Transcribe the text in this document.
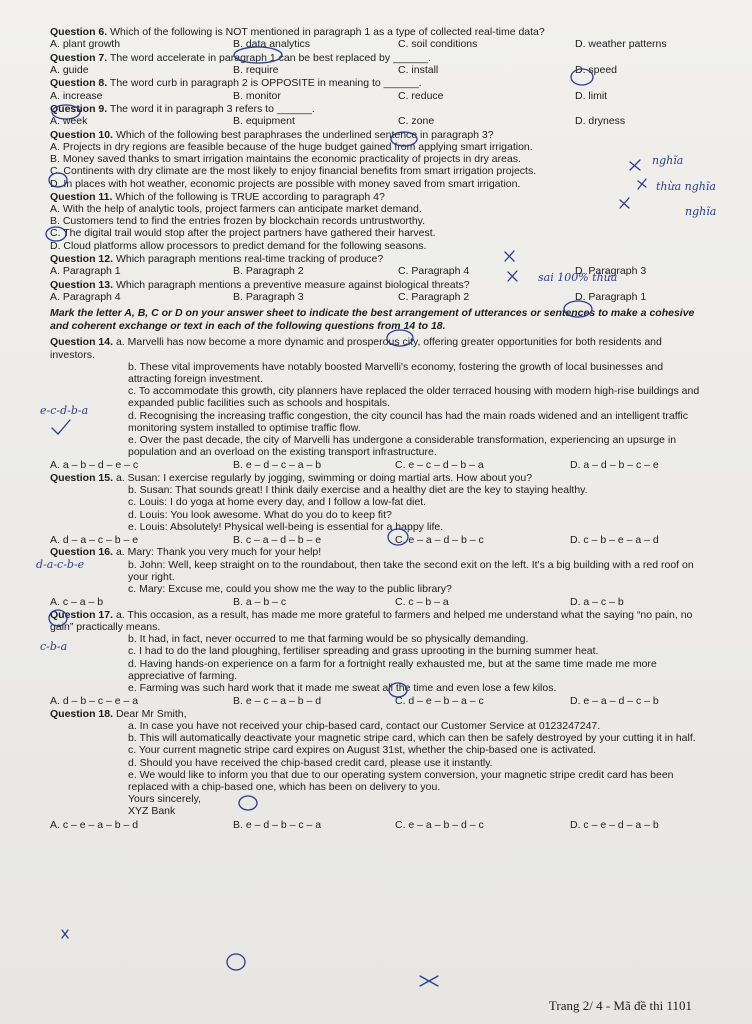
Question 6. Which of the following is NOT mentioned in paragraph 1 as a type of collected real-time data?
A. plant growth	B. data analytics	C. soil conditions	D. weather patterns
Question 7. The word accelerate in paragraph 1 can be best replaced by ______.
A. guide	B. require	C. install	D. speed
Question 8. The word curb in paragraph 2 is OPPOSITE in meaning to ______.
A. increase	B. monitor	C. reduce	D. limit
Question 9. The word it in paragraph 3 refers to ______.
A. week	B. equipment	C. zone	D. dryness
Question 10. Which of the following best paraphrases the underlined sentence in paragraph 3?
A. Projects in dry regions are feasible because of the huge budget gained from applying smart irrigation.
B. Money saved thanks to smart irrigation maintains the economic practicality of projects in dry areas.
C. Continents with dry climate are the most likely to enjoy financial benefits from smart irrigation projects.
D. In places with hot weather, economic projects are possible with money saved from smart irrigation.
Question 11. Which of the following is TRUE according to paragraph 4?
A. With the help of analytic tools, project farmers can anticipate market demand.
B. Customers tend to find the entries frozen by blockchain records untrustworthy.
C. The digital trail would stop after the project partners have gathered their harvest.
D. Cloud platforms allow processors to predict demand for the following seasons.
Question 12. Which paragraph mentions real-time tracking of produce?
A. Paragraph 1	B. Paragraph 2	C. Paragraph 4	D. Paragraph 3
Question 13. Which paragraph mentions a preventive measure against biological threats?
A. Paragraph 4	B. Paragraph 3	C. Paragraph 2	D. Paragraph 1
Mark the letter A, B, C or D on your answer sheet to indicate the best arrangement of utterances or sentences to make a cohesive and coherent exchange or text in each of the following questions from 14 to 18.
Question 14. a. Marvelli has now become a more dynamic and prosperous city, offering greater opportunities for both residents and investors.
b. These vital improvements have notably boosted Marvelli's economy, fostering the growth of local businesses and attracting foreign investment.
c. To accommodate this growth, city planners have replaced the older terraced housing with modern high-rise buildings and expanded public facilities such as schools and hospitals.
d. Recognising the increasing traffic congestion, the city council has had the main roads widened and an intelligent traffic monitoring system installed to optimise traffic flow.
e. Over the past decade, the city of Marvelli has undergone a considerable transformation, experiencing an upsurge in population and an overload on the existing transport infrastructure.
A. a – b – d – e – c	B. e – d – c – a – b	C. e – c – d – b – a	D. a – d – b – c – e
Question 15. a. Susan: I exercise regularly by jogging, swimming or doing martial arts. How about you?
b. Susan: That sounds great! I think daily exercise and a healthy diet are the key to staying healthy.
c. Louis: I do yoga at home every day, and I follow a low-fat diet.
d. Louis: You look awesome. What do you do to keep fit?
e. Louis: Absolutely! Physical well-being is essential for a happy life.
A. d – a – c – b – e	B. c – a – d – b – e	C. e – a – d – b – c	D. c – b – e – a – d
Question 16. a. Mary: Thank you very much for your help!
b. John: Well, keep straight on to the roundabout, then take the second exit on the left. It's a big building with a red roof on your right.
c. Mary: Excuse me, could you show me the way to the public library?
A. c – a – b	B. a – b – c	C. c – b – a	D. a – c – b
Question 17. a. This occasion, as a result, has made me more grateful to farmers and helped me understand what the saying “no pain, no gain” practically means.
b. It had, in fact, never occurred to me that farming would be so physically demanding.
c. I had to do the land ploughing, fertiliser spreading and grass uprooting in the burning summer heat.
d. Having hands-on experience on a farm for a fortnight really exhausted me, but at the same time made me more appreciative of farming.
e. Farming was such hard work that it made me sweat all the time and even lose a few kilos.
A. d – b – c – e – a	B. e – c – a – b – d	C. d – e – b – a – c	D. e – a – d – c – b
Question 18. Dear Mr Smith,
a. In case you have not received your chip-based card, contact our Customer Service at 0123247247.
b. This will automatically deactivate your magnetic stripe card, which can then be safely destroyed by your cutting it in half.
c. Your current magnetic stripe card expires on August 31st, whether the chip-based one is activated.
d. Should you have received the chip-based credit card, please use it instantly.
e. We would like to inform you that due to our operating system conversion, your magnetic stripe credit card has been replaced with a chip-based one, which has been on delivery to you.
Yours sincerely,
XYZ Bank
A. c – e – a – b – d	B. e – d – b – c – a	C. e – a – b – d – c	D. c – e – d – a – b
nghĩa
thừa nghĩa
nghĩa
sai 100% thừa
e-c-d-b-a
d-a-c-b-e
c-b-a
Trang 2/ 4 - Mã đề thi 1101
